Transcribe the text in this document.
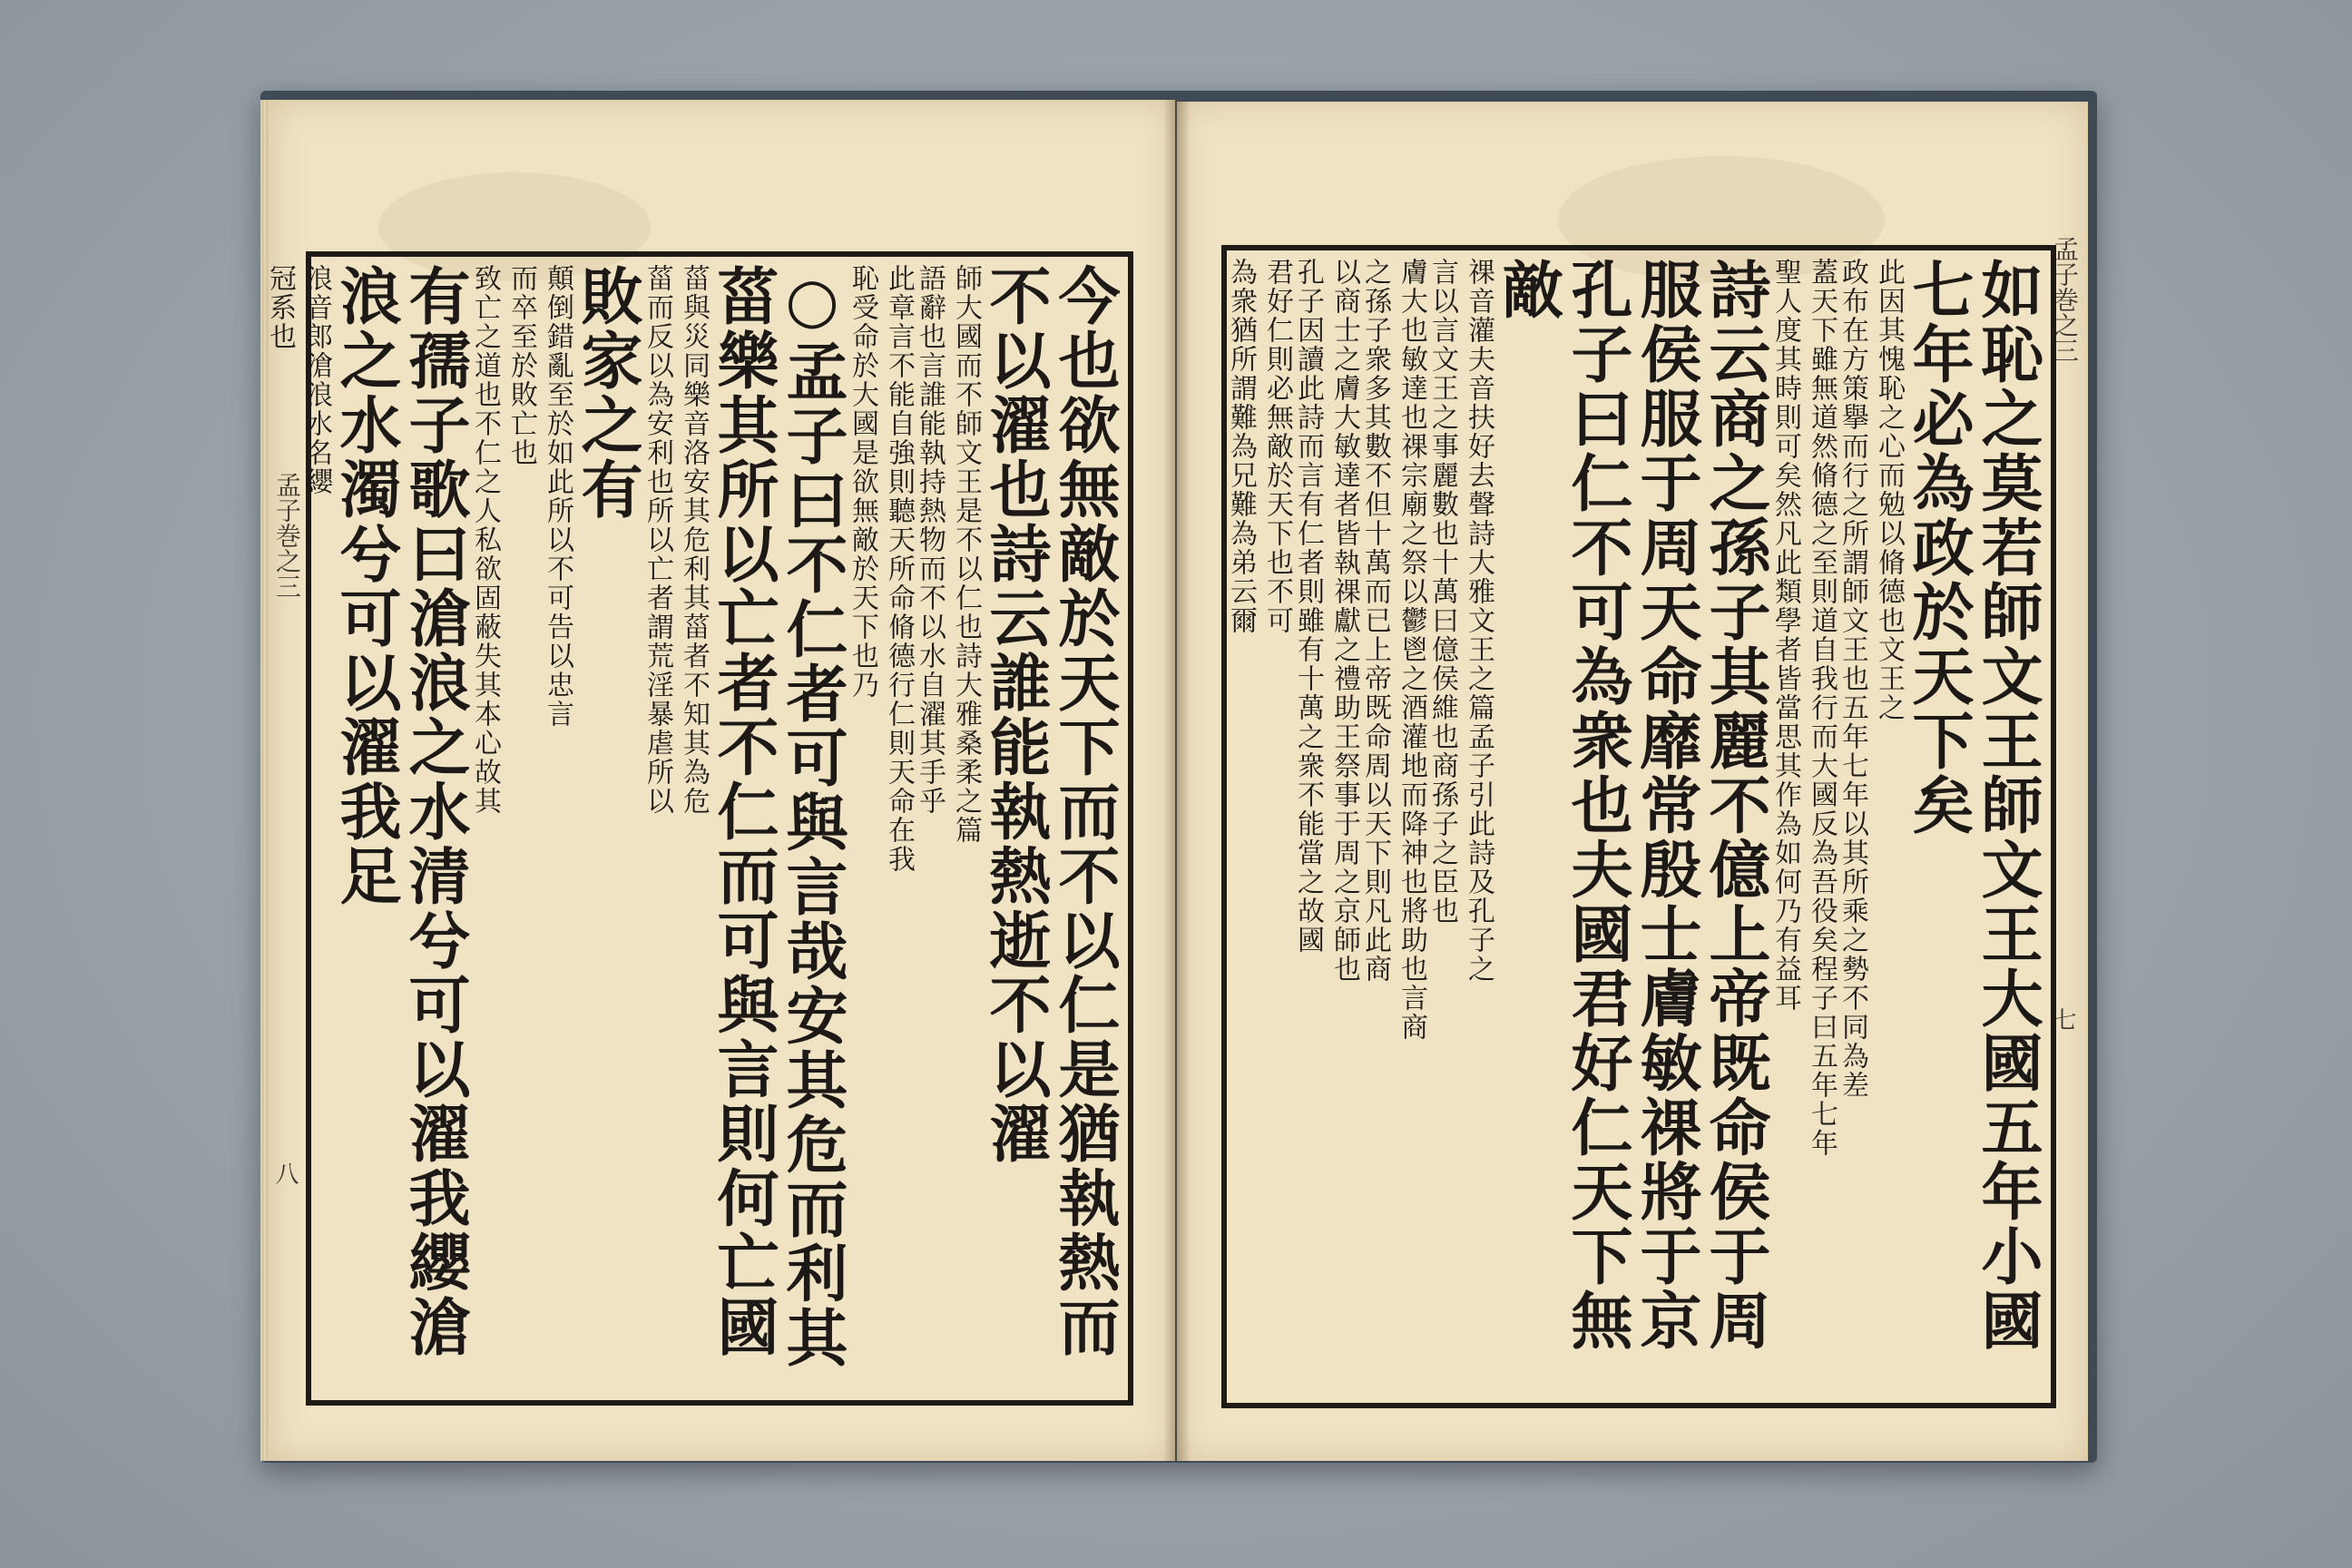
孟子巻之三
八
孟子巻之三
七
今也欲無敵於天下而不以仁是猶執熱而
不以濯也詩云誰能執熱逝不以濯
師大國而不師文王是不以仁也詩大雅桑柔之篇
語辭也言誰能執持熱物而不以水自濯其手乎
此章言不能自強則聽天所命脩德行仁則天命在我
恥受命於大國是欲無敵於天下也乃
○孟子曰不仁者可與言哉安其危而利其
菑樂其所以亡者不仁而可與言則何亡國
菑與災同樂音洛安其危利其菑者不知其為危
菑而反以為安利也所以亡者謂荒淫暴虐所以
敗家之有
顛倒錯亂至於如此所以不可告以忠言
而卒至於敗亡也
致亡之道也不仁之人私欲固蔽失其本心故其
有孺子歌曰滄浪之水清兮可以濯我纓滄
浪之水濁兮可以濯我足
浪音郎滄浪水名纓
冠系也	如恥之莫若師文王師文王大國五年小國
七年必為政於天下矣
此因其愧恥之心而勉以脩德也文王之
政布在方策擧而行之所謂師文王也五年七年以其所乘之勢不同為差
蓋天下雖無道然脩德之至則道自我行而大國反為吾役矣程子曰五年七年
聖人度其時則可矣然凡此類學者皆當思其作為如何乃有益耳
詩云商之孫子其麗不億上帝既命侯于周
服侯服于周天命靡常殷士膚敏祼將于京
孔子曰仁不可為衆也夫國君好仁天下無
敵
祼音灌夫音扶好去聲詩大雅文王之篇孟子引此詩及孔子之
言以言文王之事麗數也十萬曰億侯維也商孫子之臣也
膚大也敏達也祼宗廟之祭以鬱鬯之酒灌地而降神也將助也言商
之孫子衆多其數不但十萬而已上帝既命周以天下則凡此商
以商士之膚大敏達者皆執祼獻之禮助王祭事于周之京師也
孔子因讀此詩而言有仁者則雖有十萬之衆不能當之故國
君好仁則必無敵於天下也不可
為衆猶所謂難為兄難為弟云爾
